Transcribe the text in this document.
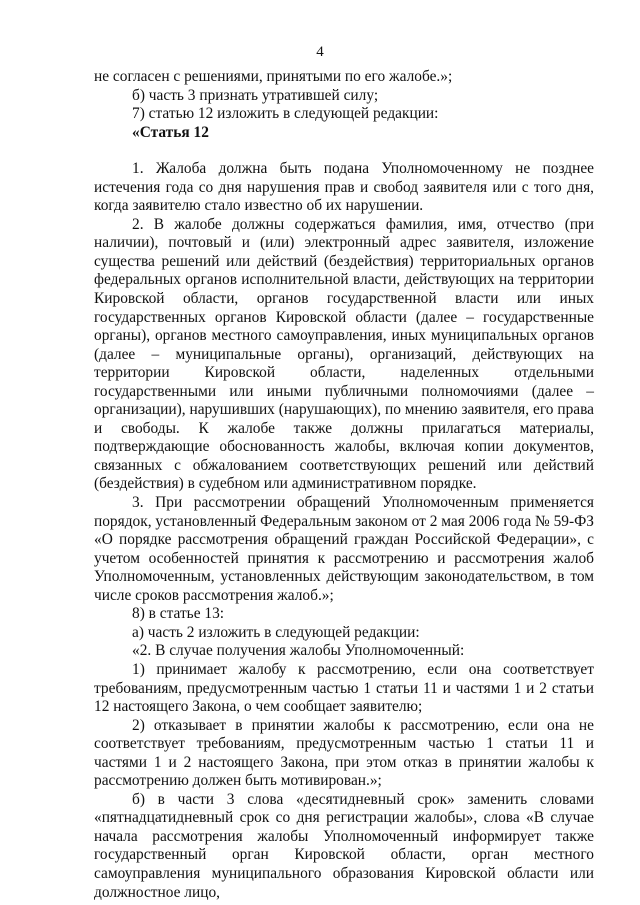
4

не согласен с решениями, принятыми по его жалобе.»;

б) часть 3 признать утратившей силу;

7) статью 12 изложить в следующей редакции:

«Статья 12

1. Жалоба должна быть подана Уполномоченному не позднее истечения года со дня нарушения прав и свобод заявителя или с того дня, когда заявителю стало известно об их нарушении.

2. В жалобе должны содержаться фамилия, имя, отчество (при наличии), почтовый и (или) электронный адрес заявителя, изложение существа решений или действий (бездействия) территориальных органов федеральных органов исполнительной власти, действующих на территории Кировской области, органов государственной власти или иных государственных органов Кировской области (далее – государственные органы), органов местного самоуправления, иных муниципальных органов (далее – муниципальные органы), организаций, действующих на территории Кировской области, наделенных отдельными государственными или иными публичными полномочиями (далее – организации), нарушивших (нарушающих), по мнению заявителя, его права и свободы. К жалобе также должны прилагаться материалы, подтверждающие обоснованность жалобы, включая копии документов, связанных с обжалованием соответствующих решений или действий (бездействия) в судебном или административном порядке.

3. При рассмотрении обращений Уполномоченным применяется порядок, установленный Федеральным законом от 2 мая 2006 года № 59-ФЗ «О порядке рассмотрения обращений граждан Российской Федерации», с учетом особенностей принятия к рассмотрению и рассмотрения жалоб Уполномоченным, установленных действующим законодательством, в том числе сроков рассмотрения жалоб.»;

8) в статье 13:

а) часть 2 изложить в следующей редакции:

«2. В случае получения жалобы Уполномоченный:

1) принимает жалобу к рассмотрению, если она соответствует требованиям, предусмотренным частью 1 статьи 11 и частями 1 и 2 статьи 12 настоящего Закона, о чем сообщает заявителю;

2) отказывает в принятии жалобы к рассмотрению, если она не соответствует требованиям, предусмотренным частью 1 статьи 11 и частями 1 и 2 настоящего Закона, при этом отказ в принятии жалобы к рассмотрению должен быть мотивирован.»;

б) в части 3 слова «десятидневный срок» заменить словами «пятнадцатидневный срок со дня регистрации жалобы», слова «В случае начала рассмотрения жалобы Уполномоченный информирует также государственный орган Кировской области, орган местного самоуправления муниципального образования Кировской области или должностное лицо,
